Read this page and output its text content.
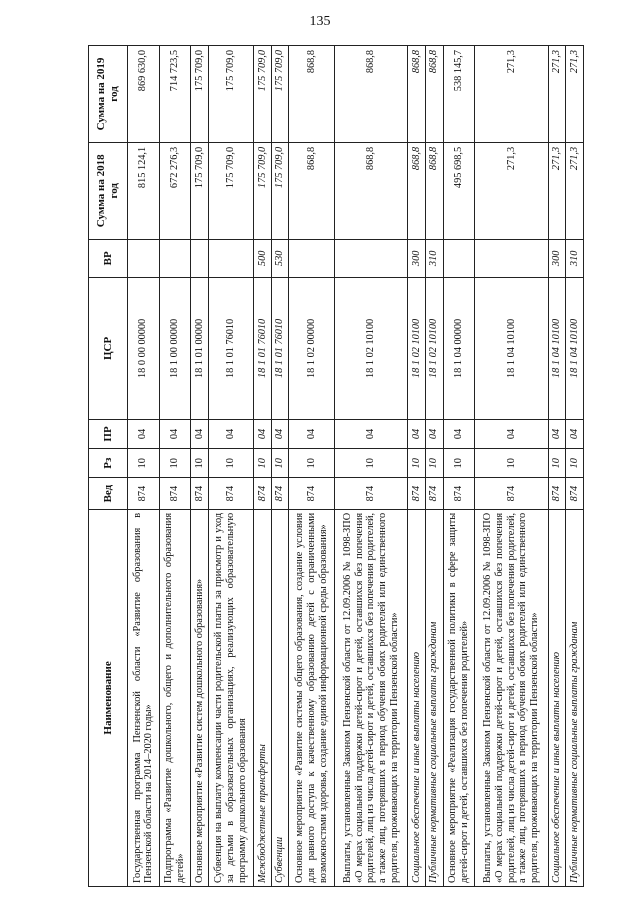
135
Наименование	Вед	Рз	ПР	ЦСР	ВР	Сумма на 2018 год	Сумма на 2019 год
Государственная программа Пензенской области «Развитие образования в Пензенской области на 2014–2020 годы»	874	10	04	18 0 00 00000		815 124,1	869 630,0
Подпрограмма «Развитие дошкольного, общего и дополнительного образования детей»	874	10	04	18 1 00 00000		672 276,3	714 723,5
Основное мероприятие «Развитие систем дошкольного образования»	874	10	04	18 1 01 00000		175 709,0	175 709,0
Субвенция на выплату компенсации части родительской платы за присмотр и уход за детьми в образовательных организациях, реализующих образовательную программу дошкольного образования	874	10	04	18 1 01 76010		175 709,0	175 709,0
Межбюджетные трансферты	874	10	04	18 1 01 76010	500	175 709,0	175 709,0
Субвенции	874	10	04	18 1 01 76010	530	175 709,0	175 709,0
Основное мероприятие «Развитие системы общего образования, создание условия для равного доступа к качественному образованию детей с ограниченными возможностями здоровья, создание единой информационной среды образования»	874	10	04	18 1 02 00000		868,8	868,8
Выплаты, установленные Законом Пензенской области от 12.09.2006 № 1098-ЗПО «О мерах социальной поддержки детей-сирот и детей, оставшихся без попечения родителей, лиц из числа детей-сирот и детей, оставшихся без попечения родителей, а также лиц, потерявших в период обучения обоих родителей или единственного родителя, проживающих на территории Пензенской области»	874	10	04	18 1 02 10100		868,8	868,8
Социальное обеспечение и иные выплаты населению	874	10	04	18 1 02 10100	300	868,8	868,8
Публичные нормативные социальные выплаты гражданам	874	10	04	18 1 02 10100	310	868,8	868,8
Основное мероприятие «Реализация государственной политики в сфере защиты детей-сирот и детей, оставшихся без попечения родителей»	874	10	04	18 1 04 00000		495 698,5	538 145,7
Выплаты, установленные Законом Пензенской области от 12.09.2006 № 1098-ЗПО «О мерах социальной поддержки детей-сирот и детей, оставшихся без попечения родителей, лиц из числа детей-сирот и детей, оставшихся без попечения родителей, а также лиц, потерявших в период обучения обоих родителей или единственного родителя, проживающих на территории Пензенской области»	874	10	04	18 1 04 10100		271,3	271,3
Социальное обеспечение и иные выплаты населению	874	10	04	18 1 04 10100	300	271,3	271,3
Публичные нормативные социальные выплаты гражданам	874	10	04	18 1 04 10100	310	271,3	271,3
